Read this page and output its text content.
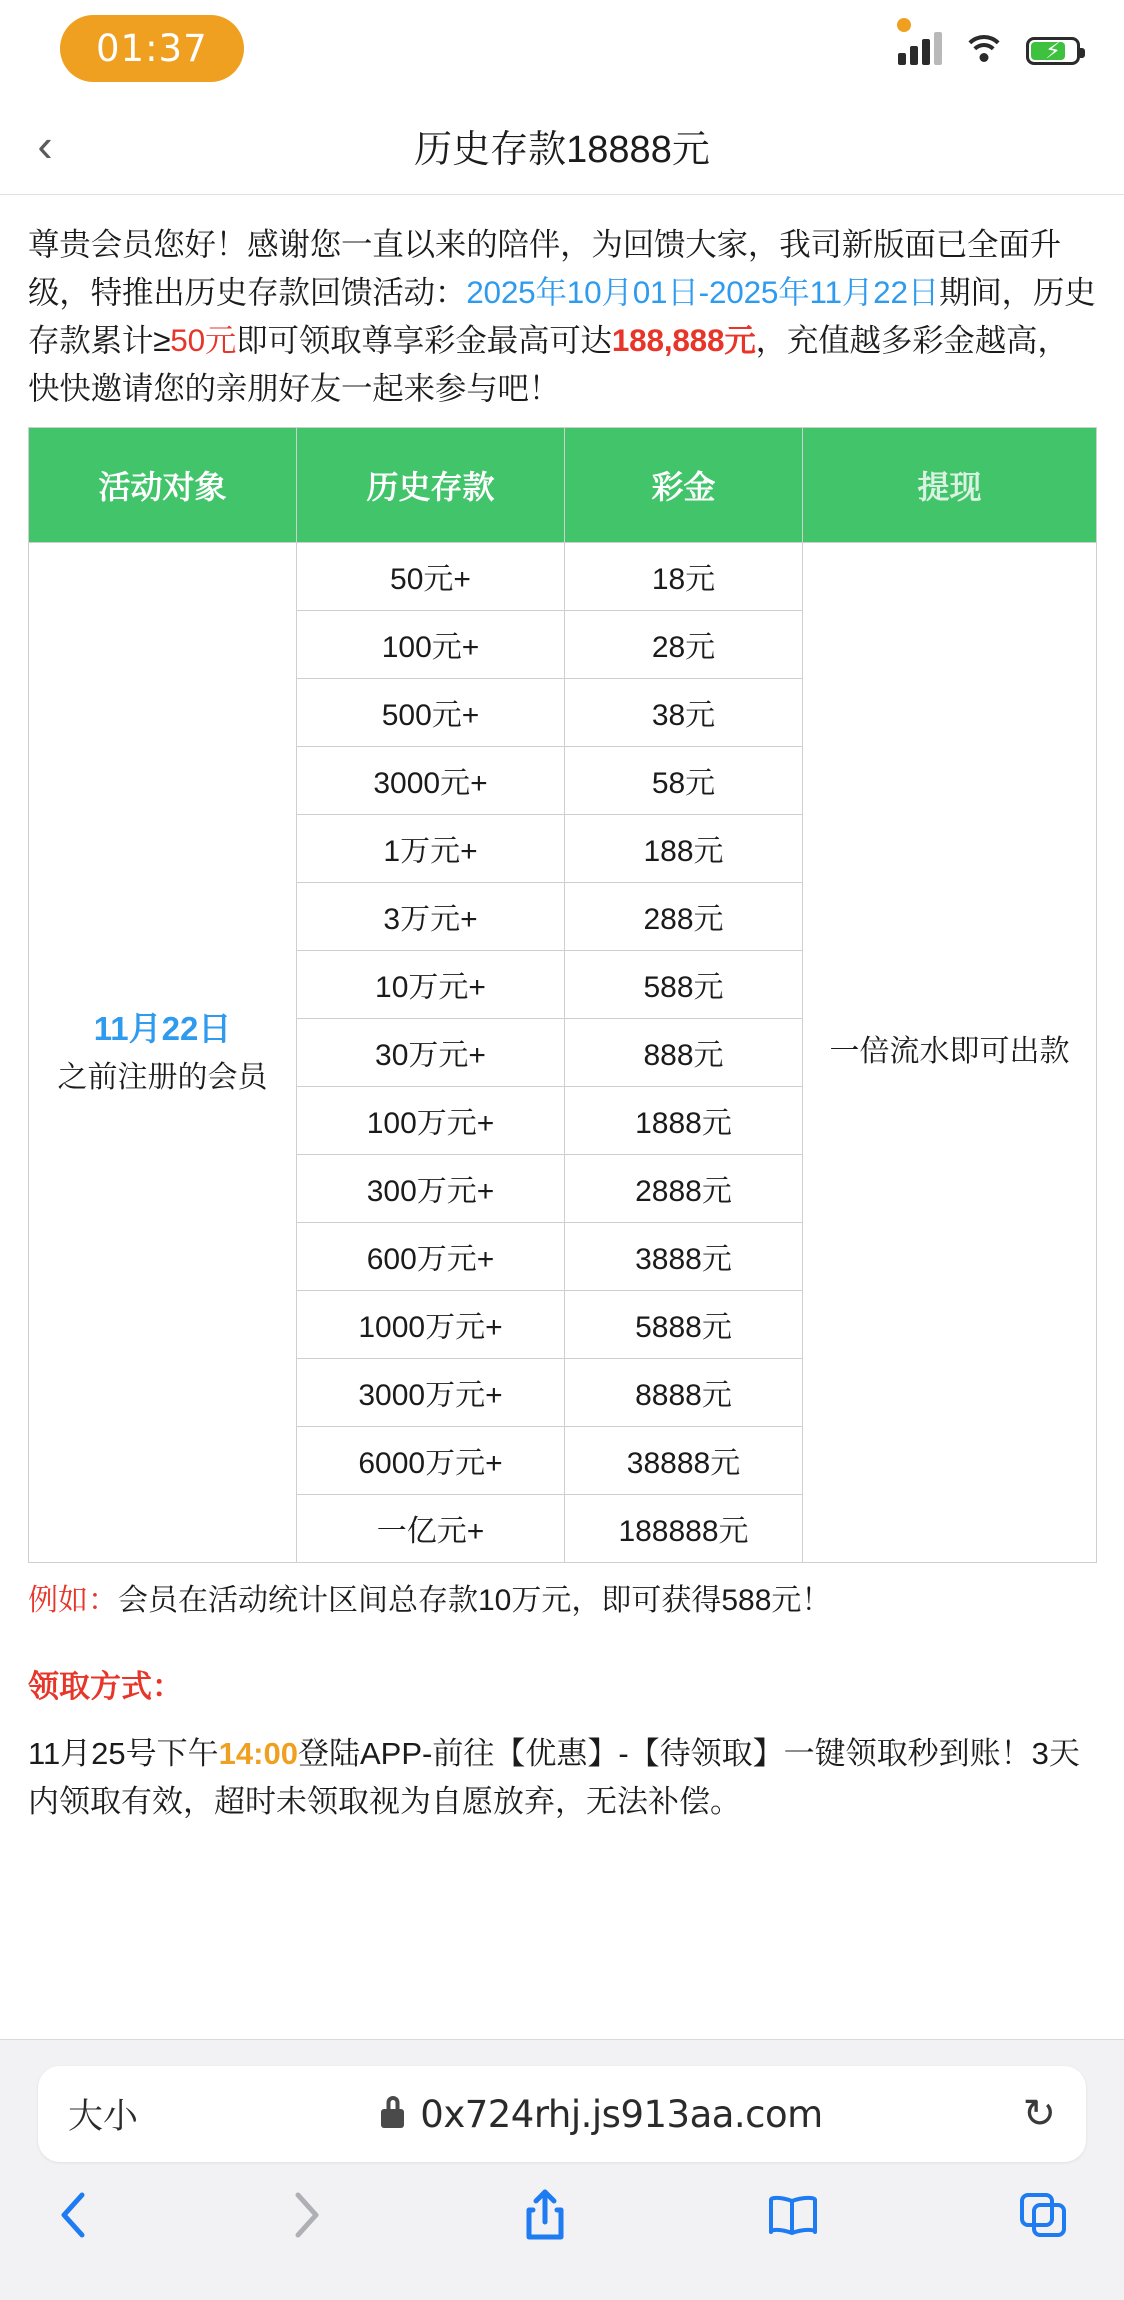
01:37	⚡
‹	历史存款18888元
尊贵会员您好！感谢您一直以来的陪伴，为回馈大家，我司新版面已全面升级，特推出历史存款回馈活动：2025年10月01日-2025年11月22日期间，历史存款累计≥50元即可领取尊享彩金最高可达188,888元，充值越多彩金越高，快快邀请您的亲朋好友一起来参与吧！
活动对象	历史存款	彩金	提现

11月22日
之前注册的会员	50元+	18元	一倍流水即可出款
	100元+	28元	
	500元+	38元	
	3000元+	58元	
	1万元+	188元	
	3万元+	288元	
	10万元+	588元	
	30万元+	888元	
	100万元+	1888元	
	300万元+	2888元	
	600万元+	3888元	
	1000万元+	5888元	
	3000万元+	8888元	
	6000万元+	38888元	
	一亿元+	188888元	
例如：会员在活动统计区间总存款10万元，即可获得588元！
领取方式：
11月25号下午14:00登陆APP-前往【优惠】-【待领取】一键领取秒到账！3天内领取有效，超时未领取视为自愿放弃，无法补偿。
大小	0x724rhj.js913aa.com	↻
